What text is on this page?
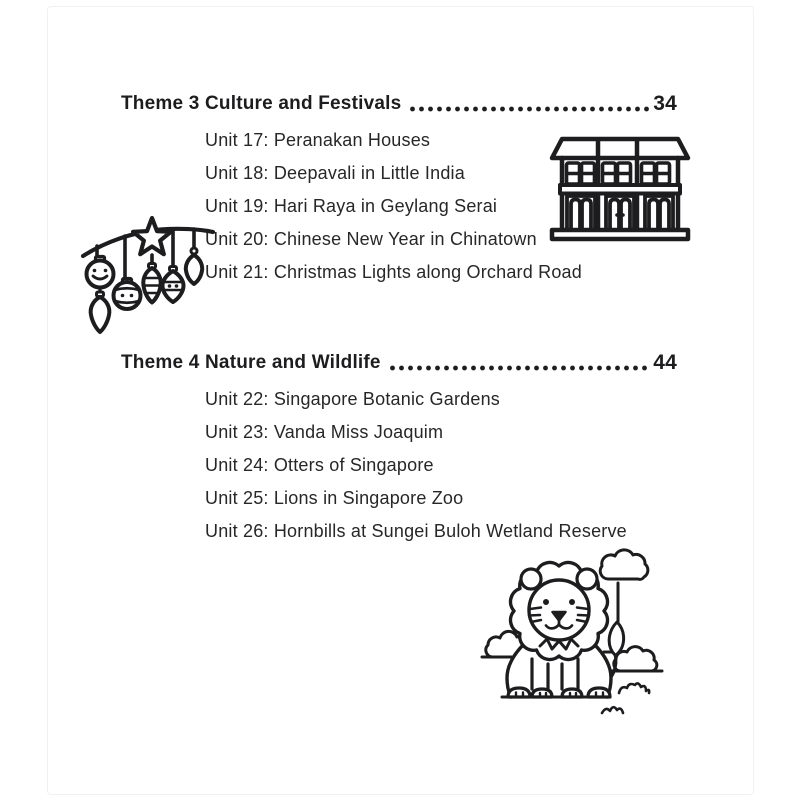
Theme 3 Culture and Festivals	34
Unit 17: Peranakan Houses
Unit 18: Deepavali in Little India
Unit 19: Hari Raya in Geylang Serai
Unit 20: Chinese New Year in Chinatown
Unit 21: Christmas Lights along Orchard Road
Theme 4 Nature and Wildlife	44
Unit 22: Singapore Botanic Gardens
Unit 23: Vanda Miss Joaquim
Unit 24: Otters of Singapore
Unit 25: Lions in Singapore Zoo
Unit 26: Hornbills at Sungei Buloh Wetland Reserve
